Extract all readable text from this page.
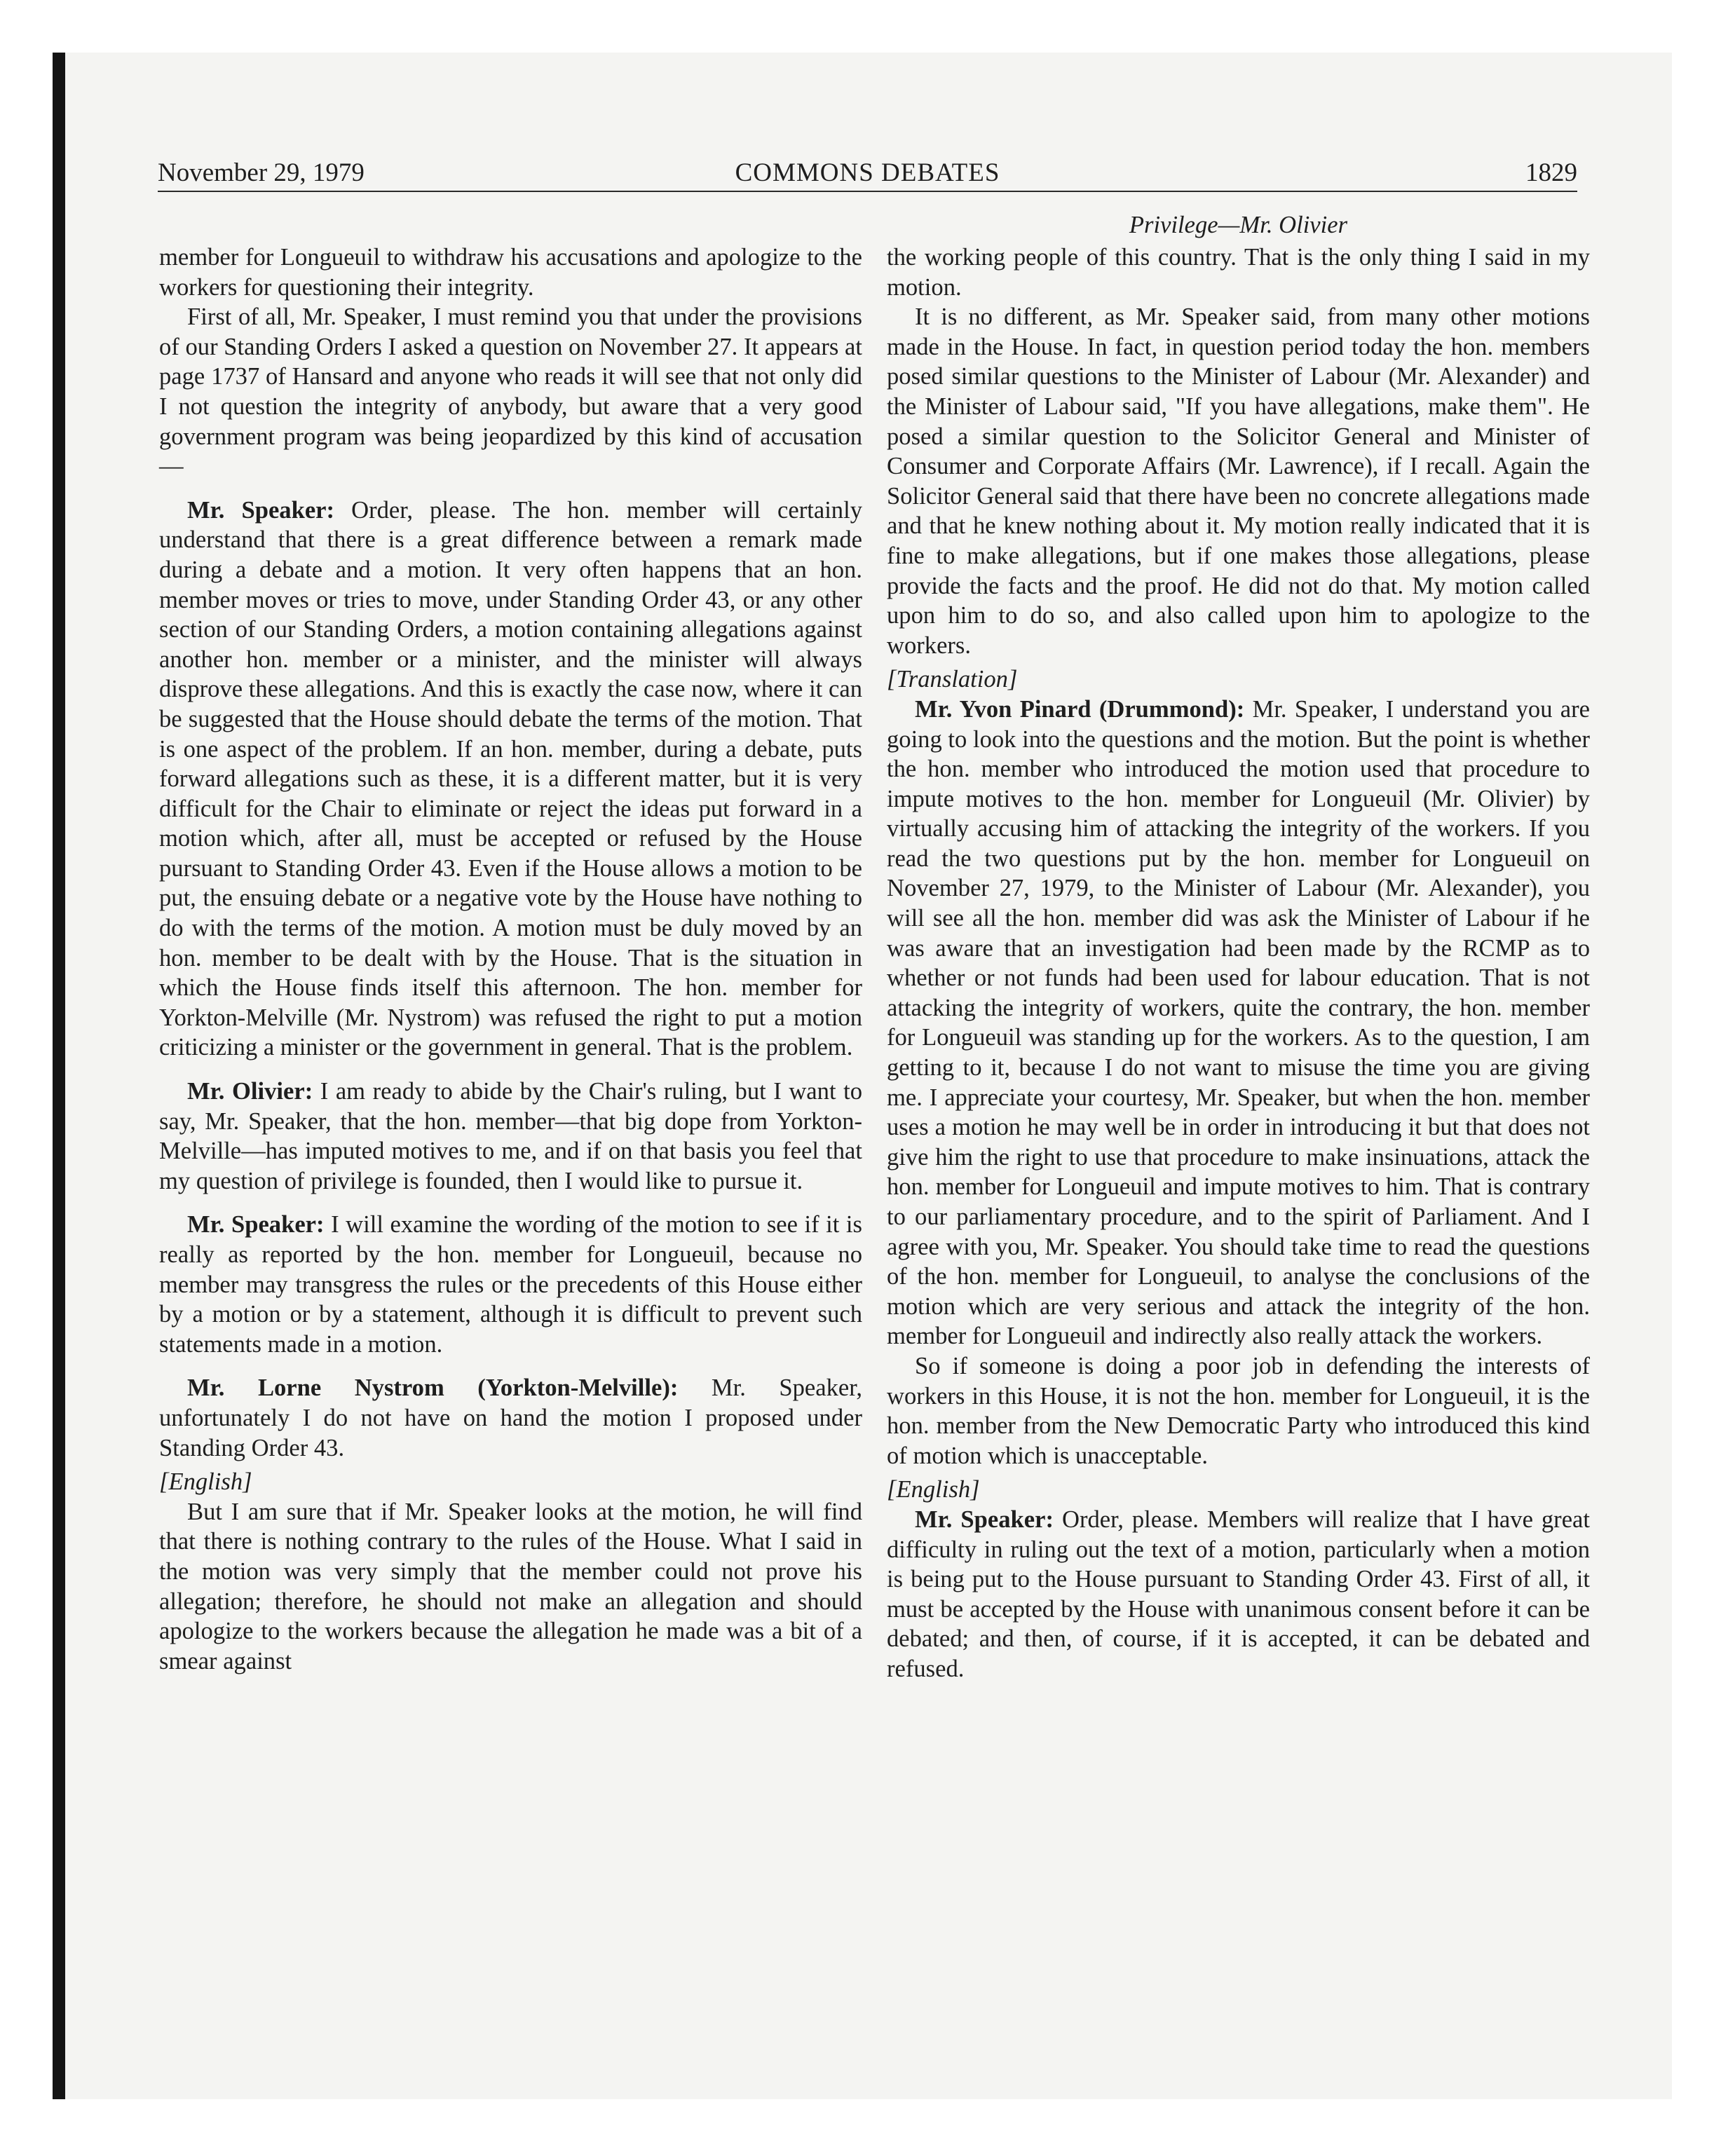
November 29, 1979	COMMONS DEBATES	1829
Privilege—Mr. Olivier

member for Longueuil to withdraw his accusations and apologize to the workers for questioning their integrity.

First of all, Mr. Speaker, I must remind you that under the provisions of our Standing Orders I asked a question on November 27. It appears at page 1737 of Hansard and anyone who reads it will see that not only did I not question the integrity of anybody, but aware that a very good government program was being jeopardized by this kind of accusation—

Mr. Speaker: Order, please. The hon. member will certainly understand that there is a great difference between a remark made during a debate and a motion. It very often happens that an hon. member moves or tries to move, under Standing Order 43, or any other section of our Standing Orders, a motion containing allegations against another hon. member or a minister, and the minister will always disprove these allegations. And this is exactly the case now, where it can be suggested that the House should debate the terms of the motion. That is one aspect of the problem. If an hon. member, during a debate, puts forward allegations such as these, it is a different matter, but it is very difficult for the Chair to eliminate or reject the ideas put forward in a motion which, after all, must be accepted or refused by the House pursuant to Standing Order 43. Even if the House allows a motion to be put, the ensuing debate or a negative vote by the House have nothing to do with the terms of the motion. A motion must be duly moved by an hon. member to be dealt with by the House. That is the situation in which the House finds itself this afternoon. The hon. member for Yorkton-Melville (Mr. Nystrom) was refused the right to put a motion criticizing a minister or the government in general. That is the problem.

Mr. Olivier: I am ready to abide by the Chair's ruling, but I want to say, Mr. Speaker, that the hon. member—that big dope from Yorkton-Melville—has imputed motives to me, and if on that basis you feel that my question of privilege is founded, then I would like to pursue it.

Mr. Speaker: I will examine the wording of the motion to see if it is really as reported by the hon. member for Longueuil, because no member may transgress the rules or the precedents of this House either by a motion or by a statement, although it is difficult to prevent such statements made in a motion.

Mr. Lorne Nystrom (Yorkton-Melville): Mr. Speaker, unfortunately I do not have on hand the motion I proposed under Standing Order 43.

[English]

But I am sure that if Mr. Speaker looks at the motion, he will find that there is nothing contrary to the rules of the House. What I said in the motion was very simply that the member could not prove his allegation; therefore, he should not make an allegation and should apologize to the workers because the allegation he made was a bit of a smear against

the working people of this country. That is the only thing I said in my motion.

It is no different, as Mr. Speaker said, from many other motions made in the House. In fact, in question period today the hon. members posed similar questions to the Minister of Labour (Mr. Alexander) and the Minister of Labour said, "If you have allegations, make them". He posed a similar question to the Solicitor General and Minister of Consumer and Corporate Affairs (Mr. Lawrence), if I recall. Again the Solicitor General said that there have been no concrete allegations made and that he knew nothing about it. My motion really indicated that it is fine to make allegations, but if one makes those allegations, please provide the facts and the proof. He did not do that. My motion called upon him to do so, and also called upon him to apologize to the workers.

[Translation]

Mr. Yvon Pinard (Drummond): Mr. Speaker, I understand you are going to look into the questions and the motion. But the point is whether the hon. member who introduced the motion used that procedure to impute motives to the hon. member for Longueuil (Mr. Olivier) by virtually accusing him of attacking the integrity of the workers. If you read the two questions put by the hon. member for Longueuil on November 27, 1979, to the Minister of Labour (Mr. Alexander), you will see all the hon. member did was ask the Minister of Labour if he was aware that an investigation had been made by the RCMP as to whether or not funds had been used for labour education. That is not attacking the integrity of workers, quite the contrary, the hon. member for Longueuil was standing up for the workers. As to the question, I am getting to it, because I do not want to misuse the time you are giving me. I appreciate your courtesy, Mr. Speaker, but when the hon. member uses a motion he may well be in order in introducing it but that does not give him the right to use that procedure to make insinuations, attack the hon. member for Longueuil and impute motives to him. That is contrary to our parliamentary procedure, and to the spirit of Parliament. And I agree with you, Mr. Speaker. You should take time to read the questions of the hon. member for Longueuil, to analyse the conclusions of the motion which are very serious and attack the integrity of the hon. member for Longueuil and indirectly also really attack the workers.

So if someone is doing a poor job in defending the interests of workers in this House, it is not the hon. member for Longueuil, it is the hon. member from the New Democratic Party who introduced this kind of motion which is unacceptable.

[English]

Mr. Speaker: Order, please. Members will realize that I have great difficulty in ruling out the text of a motion, particularly when a motion is being put to the House pursuant to Standing Order 43. First of all, it must be accepted by the House with unanimous consent before it can be debated; and then, of course, if it is accepted, it can be debated and refused.
